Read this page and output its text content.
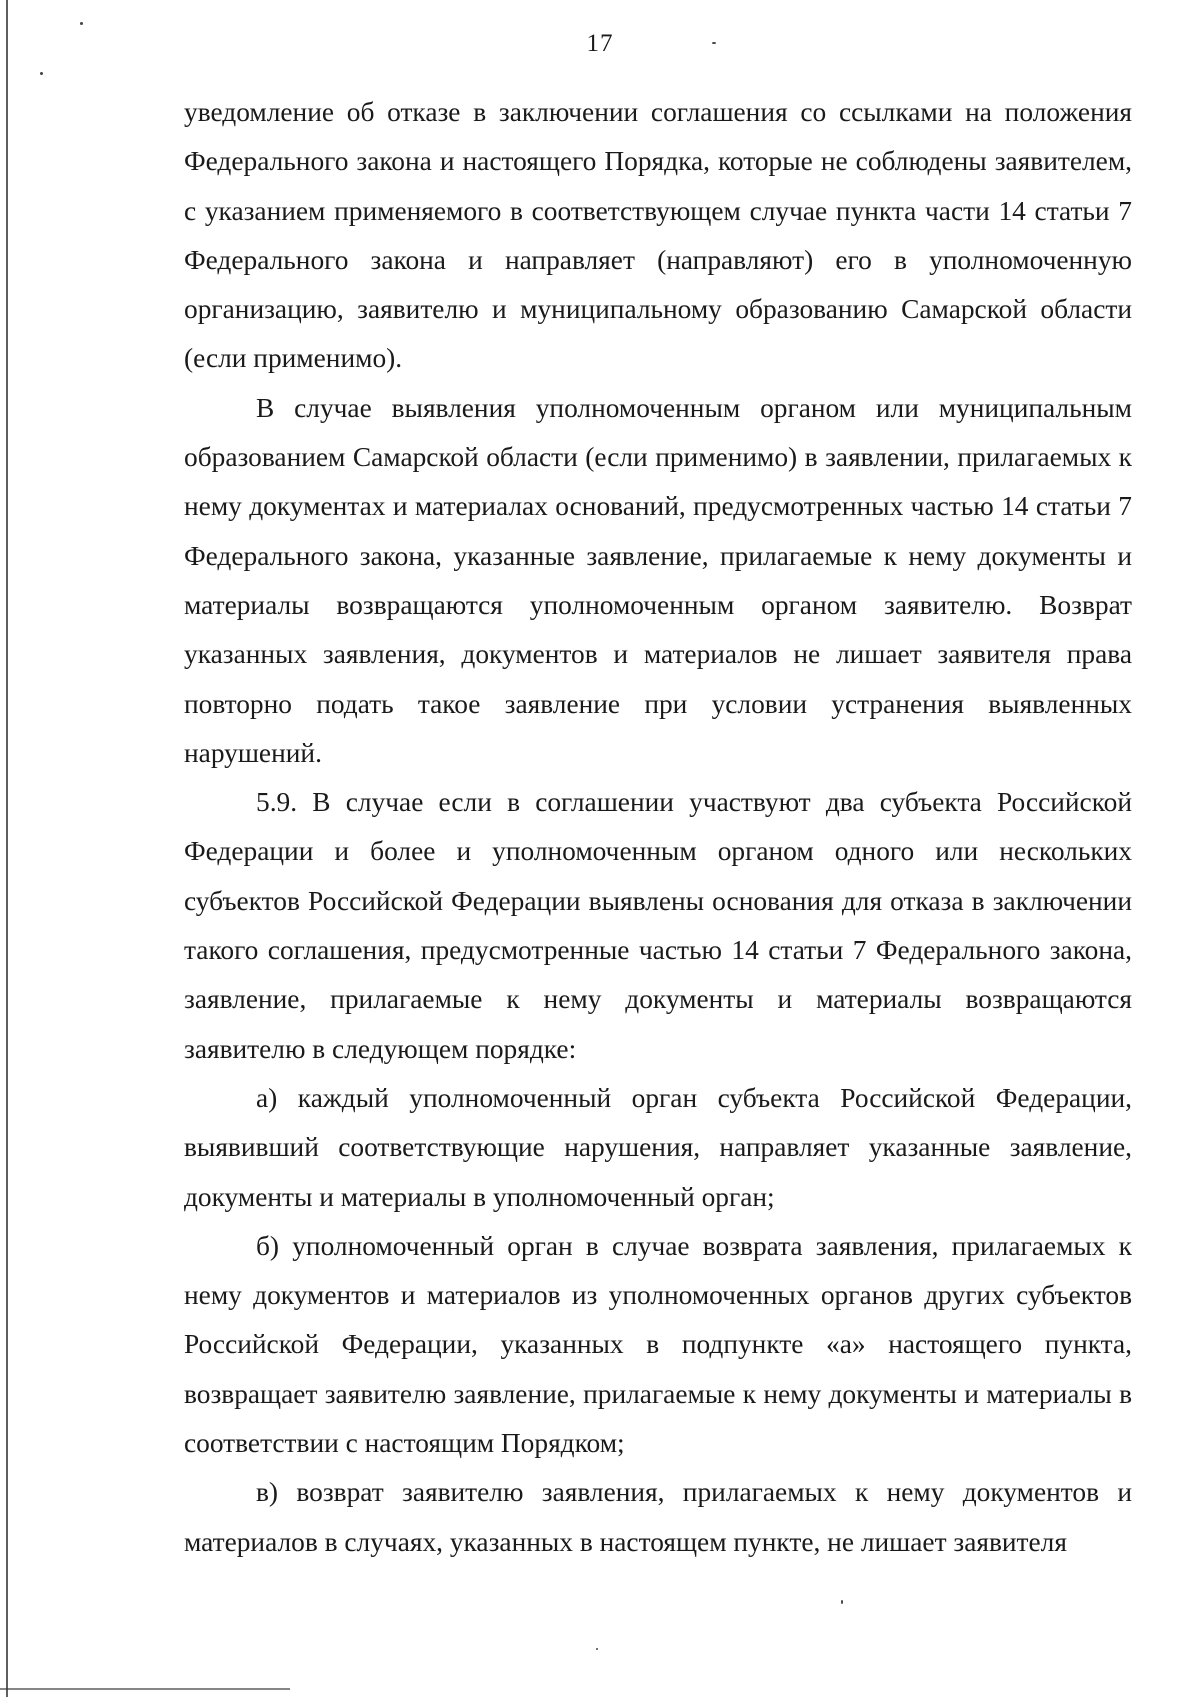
17

уведомление об отказе в заключении соглашения со ссылками на положения Федерального закона и настоящего Порядка, которые не соблюдены заявителем, с указанием применяемого в соответствующем случае пункта части 14 статьи 7 Федерального закона и направляет (направляют) его в уполномоченную организацию, заявителю и муниципальному образованию Самарской области (если применимо).

В случае выявления уполномоченным органом или муниципальным образованием Самарской области (если применимо) в заявлении, прилагаемых к нему документах и материалах оснований, предусмотренных частью 14 статьи 7 Федерального закона, указанные заявление, прилагаемые к нему документы и материалы возвращаются уполномоченным органом заявителю. Возврат указанных заявления, документов и материалов не лишает заявителя права повторно подать такое заявление при условии устранения выявленных нарушений.

5.9. В случае если в соглашении участвуют два субъекта Российской Федерации и более и уполномоченным органом одного или нескольких субъектов Российской Федерации выявлены основания для отказа в заключении такого соглашения, предусмотренные частью 14 статьи 7 Федерального закона, заявление, прилагаемые к нему документы и материалы возвращаются заявителю в следующем порядке:

а) каждый уполномоченный орган субъекта Российской Федерации, выявивший соответствующие нарушения, направляет указанные заявление, документы и материалы в уполномоченный орган;

б) уполномоченный орган в случае возврата заявления, прилагаемых к нему документов и материалов из уполномоченных органов других субъектов Российской Федерации, указанных в подпункте «а» настоящего пункта, возвращает заявителю заявление, прилагаемые к нему документы и материалы в соответствии с настоящим Порядком;

в) возврат заявителю заявления, прилагаемых к нему документов и материалов в случаях, указанных в настоящем пункте, не лишает заявителя
